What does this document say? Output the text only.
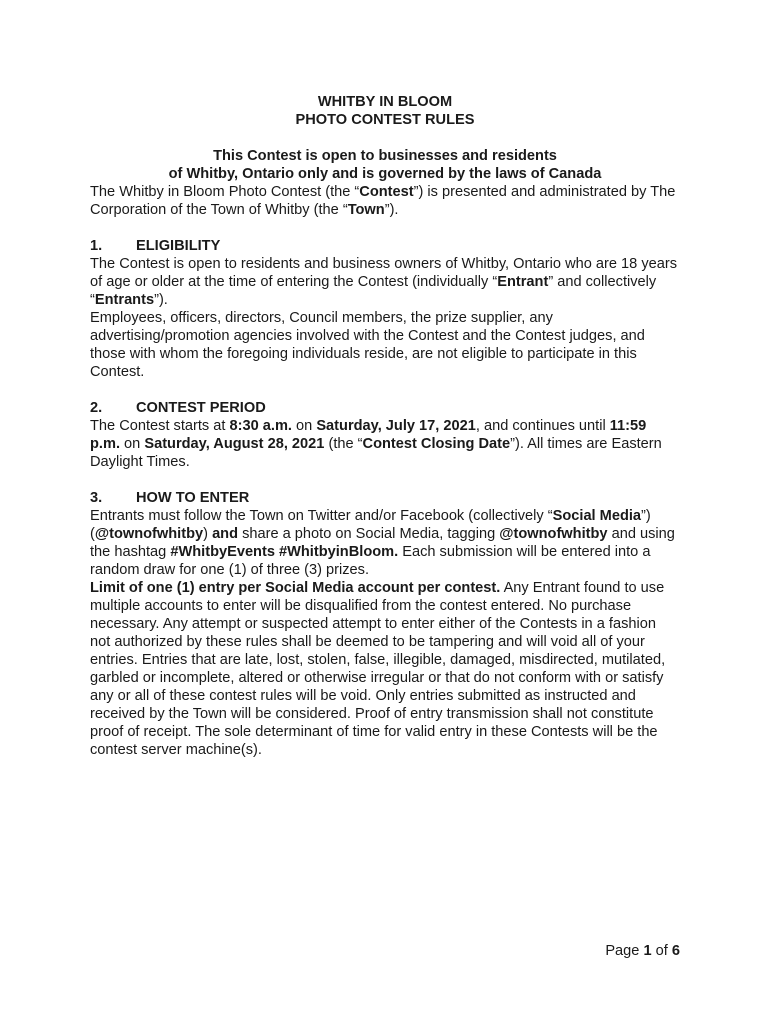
WHITBY IN BLOOM

PHOTO CONTEST RULES

This Contest is open to businesses and residents

of Whitby, Ontario only and is governed by the laws of Canada

The Whitby in Bloom Photo Contest (the “Contest”) is presented and administrated by The Corporation of the Town of Whitby (the “Town”).

1.	ELIGIBILITY

The Contest is open to residents and business owners of Whitby, Ontario who are 18 years of age or older at the time of entering the Contest (individually “Entrant” and collectively “Entrants”).

Employees, officers, directors, Council members, the prize supplier, any advertising/promotion agencies involved with the Contest and the Contest judges, and those with whom the foregoing individuals reside, are not eligible to participate in this Contest.

2.	CONTEST PERIOD

The Contest starts at 8:30 a.m. on Saturday, July 17, 2021, and continues until 11:59 p.m. on Saturday, August 28, 2021 (the “Contest Closing Date”). All times are Eastern Daylight Times.

3.	HOW TO ENTER

Entrants must follow the Town on Twitter and/or Facebook (collectively “Social Media”) (@townofwhitby) and share a photo on Social Media, tagging @townofwhitby and using the hashtag #WhitbyEvents #WhitbyinBloom. Each submission will be entered into a random draw for one (1) of three (3) prizes.

Limit of one (1) entry per Social Media account per contest. Any Entrant found to use multiple accounts to enter will be disqualified from the contest entered. No purchase necessary. Any attempt or suspected attempt to enter either of the Contests in a fashion not authorized by these rules shall be deemed to be tampering and will void all of your entries. Entries that are late, lost, stolen, false, illegible, damaged, misdirected, mutilated, garbled or incomplete, altered or otherwise irregular or that do not conform with or satisfy any or all of these contest rules will be void. Only entries submitted as instructed and received by the Town will be considered. Proof of entry transmission shall not constitute proof of receipt. The sole determinant of time for valid entry in these Contests will be the contest server machine(s).

Page 1 of 6
